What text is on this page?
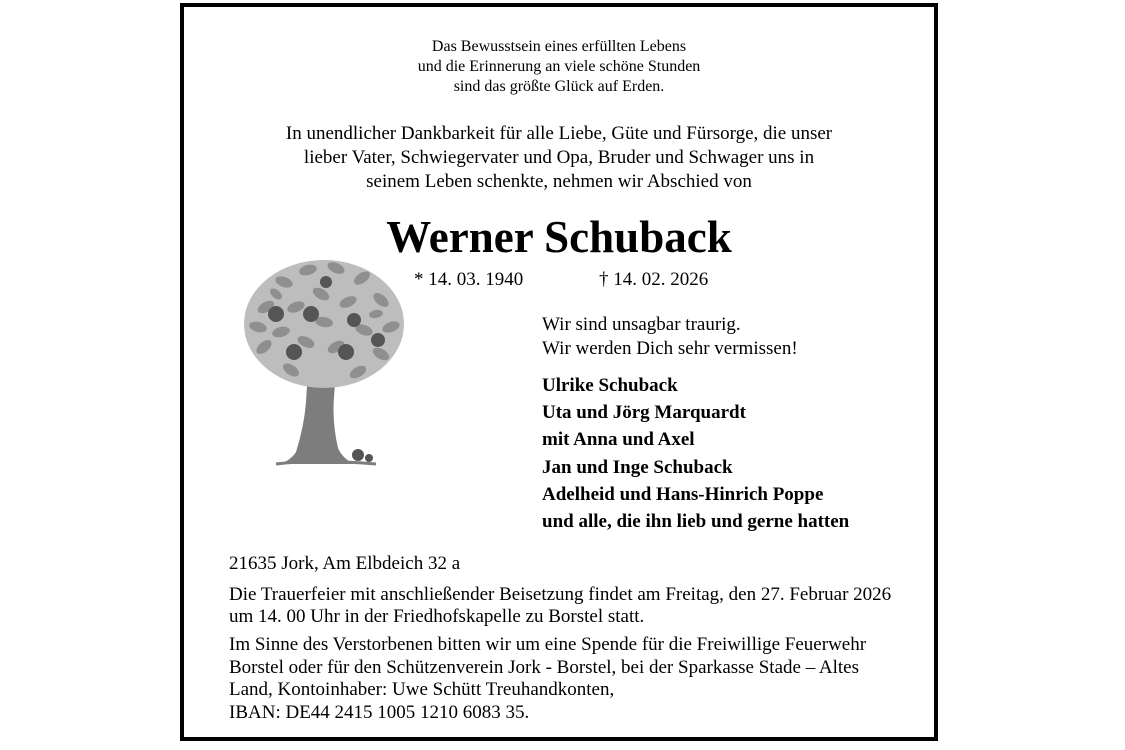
Das Bewusstsein eines erfüllten Lebens
und die Erinnerung an viele schöne Stunden
sind das größte Glück auf Erden.
In unendlicher Dankbarkeit für alle Liebe, Güte und Fürsorge, die unser
lieber Vater, Schwiegervater und Opa, Bruder und Schwager uns in
seinem Leben schenkte, nehmen wir Abschied von
Werner Schuback
* 14. 03. 1940	† 14. 02. 2026
Wir sind unsagbar traurig.
Wir werden Dich sehr vermissen!
Ulrike Schuback
Uta und Jörg Marquardt
mit Anna und Axel
Jan und Inge Schuback
Adelheid und Hans-Hinrich Poppe
und alle, die ihn lieb und gerne hatten
21635 Jork, Am Elbdeich 32 a
Die Trauerfeier mit anschließender Beisetzung findet am Freitag, den 27. Februar 2026
um 14. 00 Uhr in der Friedhofskapelle zu Borstel statt.
Im Sinne des Verstorbenen bitten wir um eine Spende für die Freiwillige Feuerwehr
Borstel oder für den Schützenverein Jork - Borstel, bei der Sparkasse Stade – Altes
Land, Kontoinhaber: Uwe Schütt Treuhandkonten,
IBAN: DE44 2415 1005 1210 6083 35.
